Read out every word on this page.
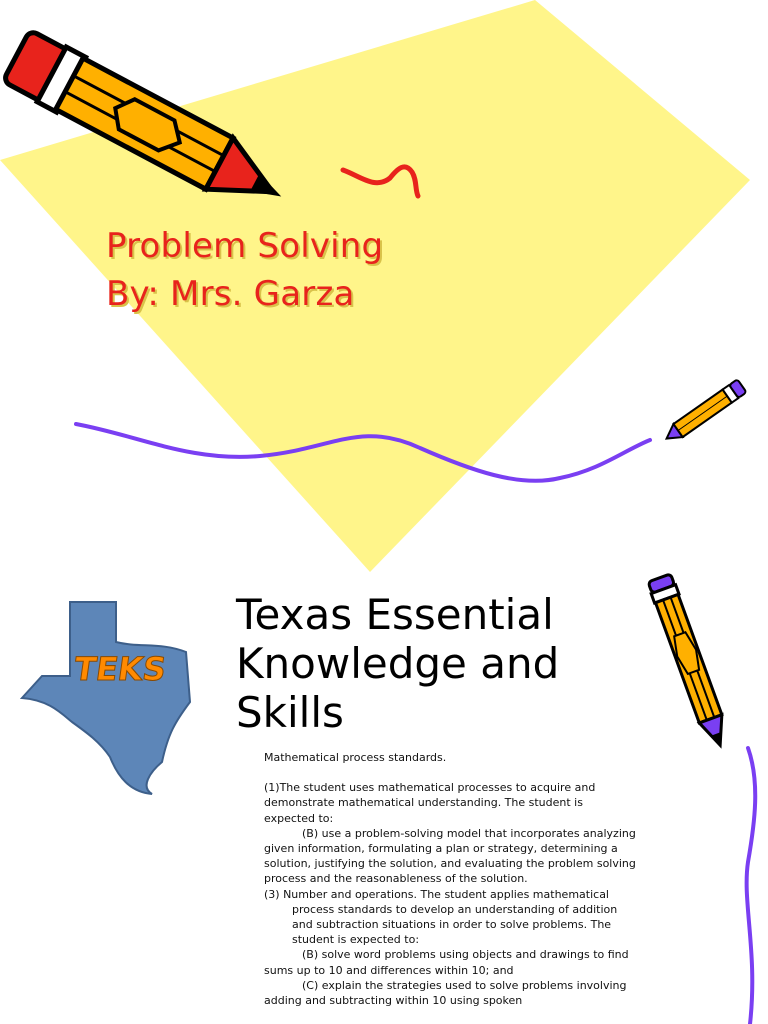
Problem Solving
By: Mrs. Garza
TEKS
Texas Essential
Knowledge and
Skills

Mathematical process standards.

(1)The student uses mathematical processes to acquire and demonstrate mathematical understanding. The student is expected to:

(B) use a problem-solving model that incorporates analyzing given information, formulating a plan or strategy, determining a solution, justifying the solution, and evaluating the problem solving process and the reasonableness of the solution.

(3) Number and operations. The student applies mathematical process standards to develop an understanding of addition and subtraction situations in order to solve problems. The student is expected to:

(B) solve word problems using objects and drawings to find sums up to 10 and differences within 10; and

(C) explain the strategies used to solve problems involving adding and subtracting within 10 using spoken
